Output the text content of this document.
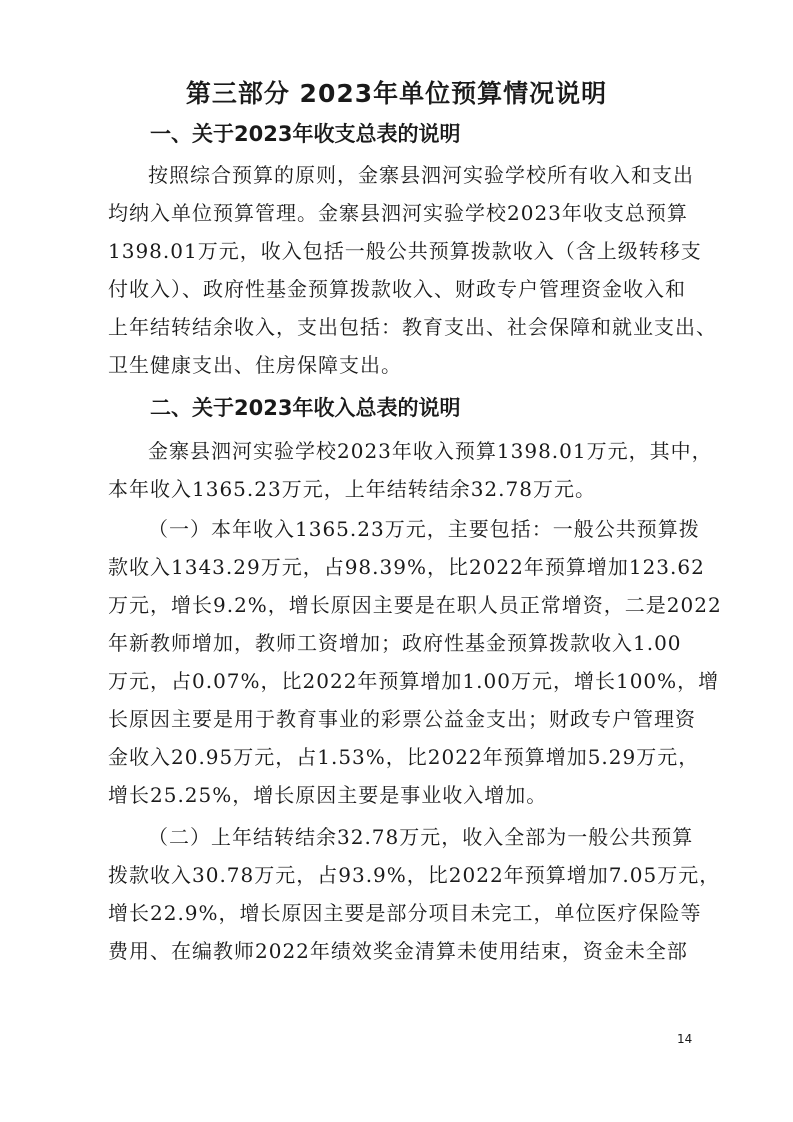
第三部分 2023年单位预算情况说明
一、关于2023年收支总表的说明
按照综合预算的原则，金寨县泗河实验学校所有收入和支出
均纳入单位预算管理。金寨县泗河实验学校2023年收支总预算
1398.01万元，收入包括一般公共预算拨款收入（含上级转移支
付收入）、政府性基金预算拨款收入、财政专户管理资金收入和
上年结转结余收入，支出包括：教育支出、社会保障和就业支出、
卫生健康支出、住房保障支出。
二、关于2023年收入总表的说明
金寨县泗河实验学校2023年收入预算1398.01万元，其中，
本年收入1365.23万元，上年结转结余32.78万元。
（一）本年收入1365.23万元，主要包括：一般公共预算拨
款收入1343.29万元，占98.39%，比2022年预算增加123.62
万元，增长9.2%，增长原因主要是在职人员正常增资，二是2022
年新教师增加，教师工资增加；政府性基金预算拨款收入1.00
万元，占0.07%，比2022年预算增加1.00万元，增长100%，增
长原因主要是用于教育事业的彩票公益金支出；财政专户管理资
金收入20.95万元，占1.53%，比2022年预算增加5.29万元，
增长25.25%，增长原因主要是事业收入增加。
（二）上年结转结余32.78万元，收入全部为一般公共预算
拨款收入30.78万元，占93.9%，比2022年预算增加7.05万元，
增长22.9%，增长原因主要是部分项目未完工，单位医疗保险等
费用、在编教师2022年绩效奖金清算未使用结束，资金未全部
14
